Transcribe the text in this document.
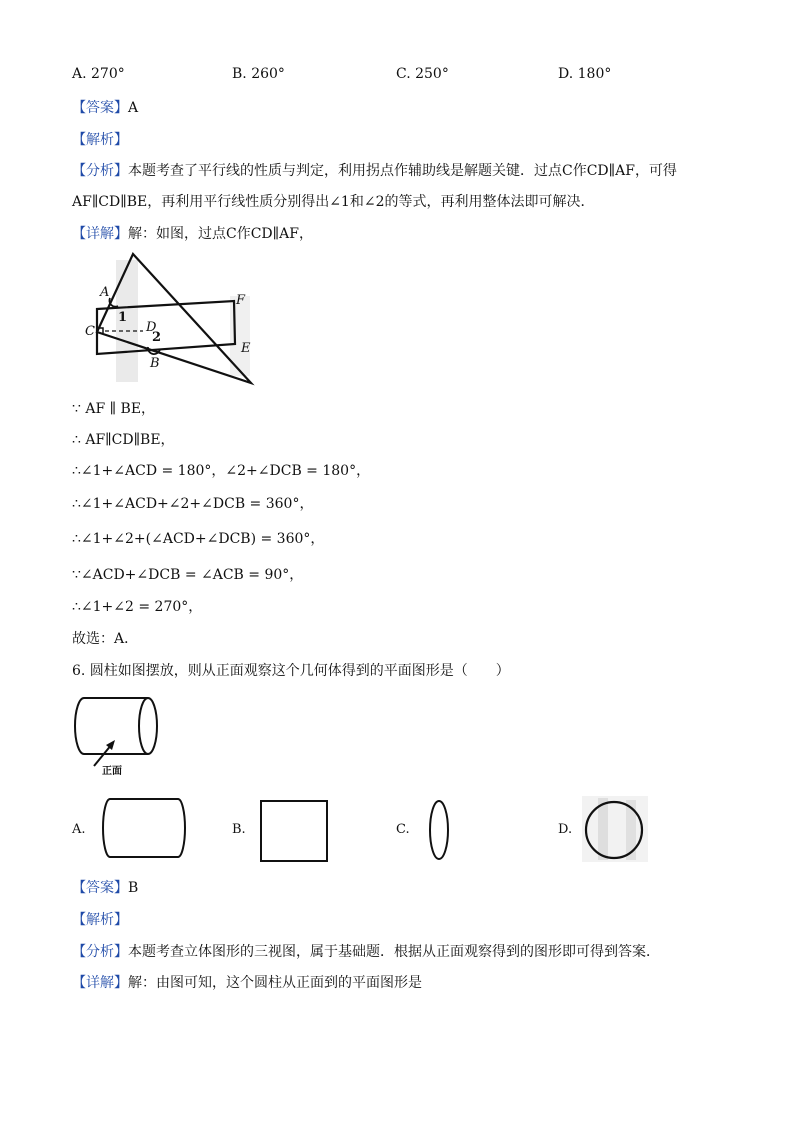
A. 270°	B. 260°	C. 250°	D. 180°
【答案】A
【解析】
【分析】本题考查了平行线的性质与判定，利用拐点作辅助线是解题关键．过点C作CD∥AF，可得
AF∥CD∥BE，再利用平行线性质分别得出∠1和∠2的等式，再利用整体法即可解决．
【详解】解：如图，过点C作CD∥AF，
A
1
C	D
2
B
F
E
∵ AF ∥ BE，
∴ AF∥CD∥BE，
∴∠1+∠ACD = 180°，∠2+∠DCB = 180°，
∴∠1+∠ACD+∠2+∠DCB = 360°，
∴∠1+∠2+(∠ACD+∠DCB) = 360°，
∵∠ACD+∠DCB = ∠ACB = 90°，
∴∠1+∠2 = 270°，
故选：A．
6. 圆柱如图摆放，则从正面观察这个几何体得到的平面图形是（　　）
正面
A.	B.	C.	D.
【答案】B
【解析】
【分析】本题考查立体图形的三视图，属于基础题．根据从正面观察得到的图形即可得到答案．
【详解】解：由图可知，这个圆柱从正面到的平面图形是
